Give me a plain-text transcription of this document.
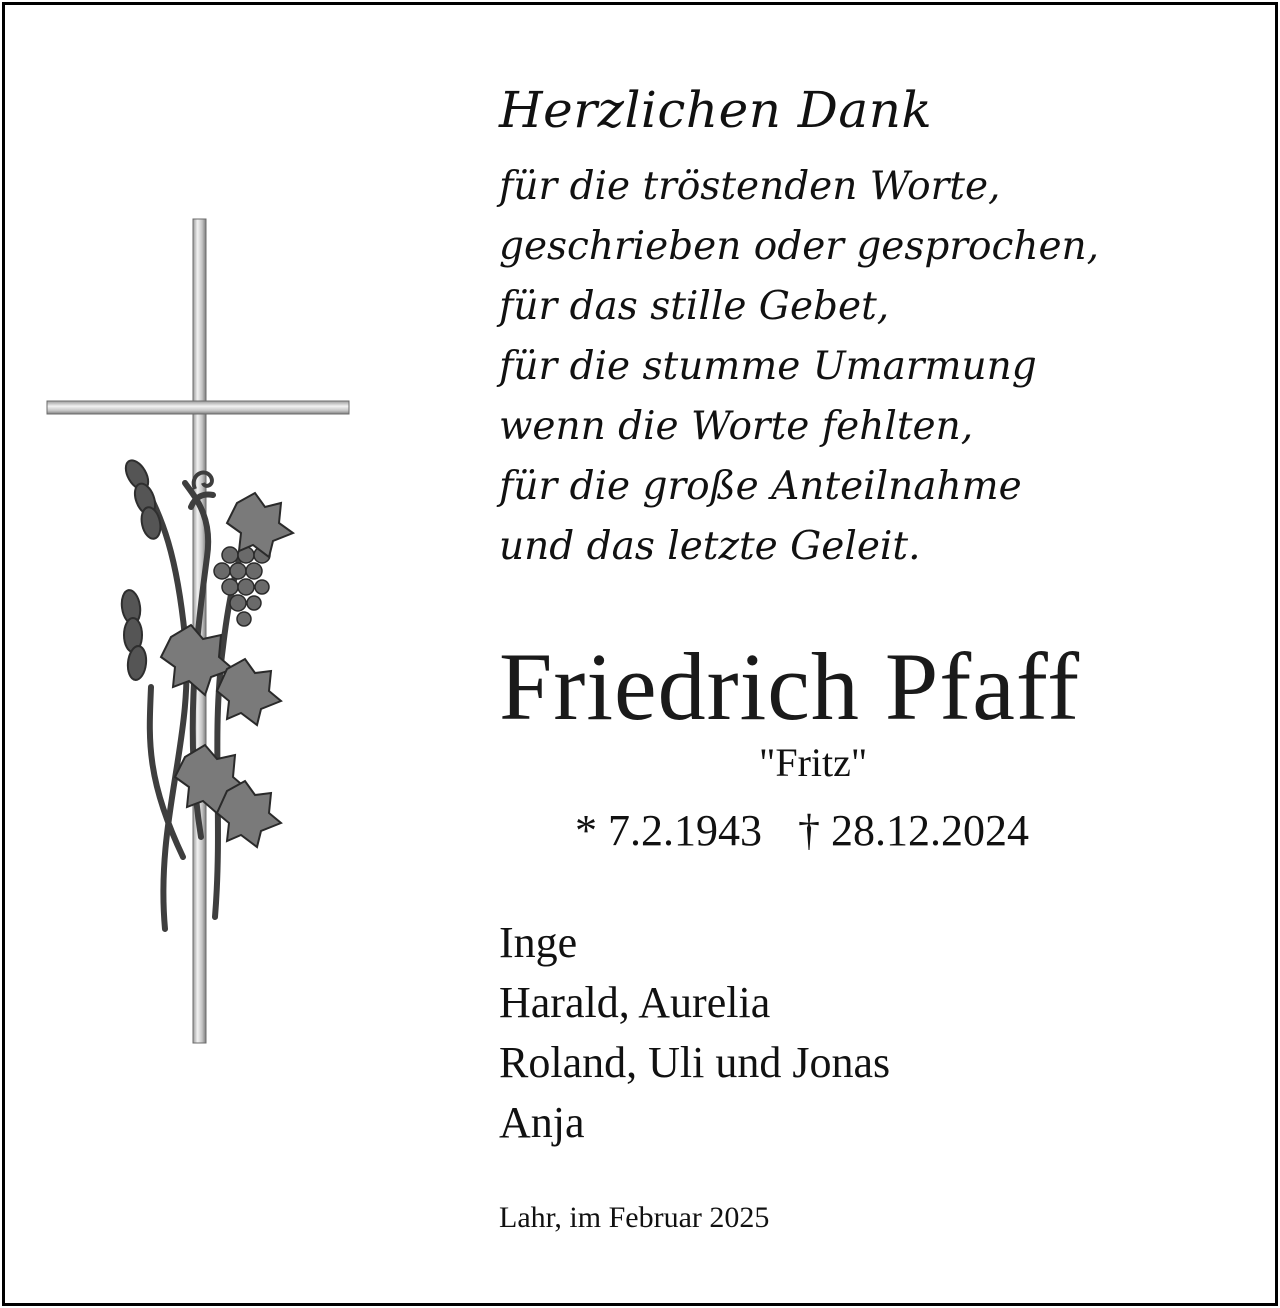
Herzlichen Dank
für die tröstenden Worte,
geschrieben oder gesprochen,
für das stille Gebet,
für die stumme Umarmung
wenn die Worte fehlten,
für die große Anteilnahme
und das letzte Geleit.
Friedrich Pfaff
"Fritz"
* 7.2.1943 † 28.12.2024
Inge
Harald, Aurelia
Roland, Uli und Jonas
Anja
Lahr, im Februar 2025
